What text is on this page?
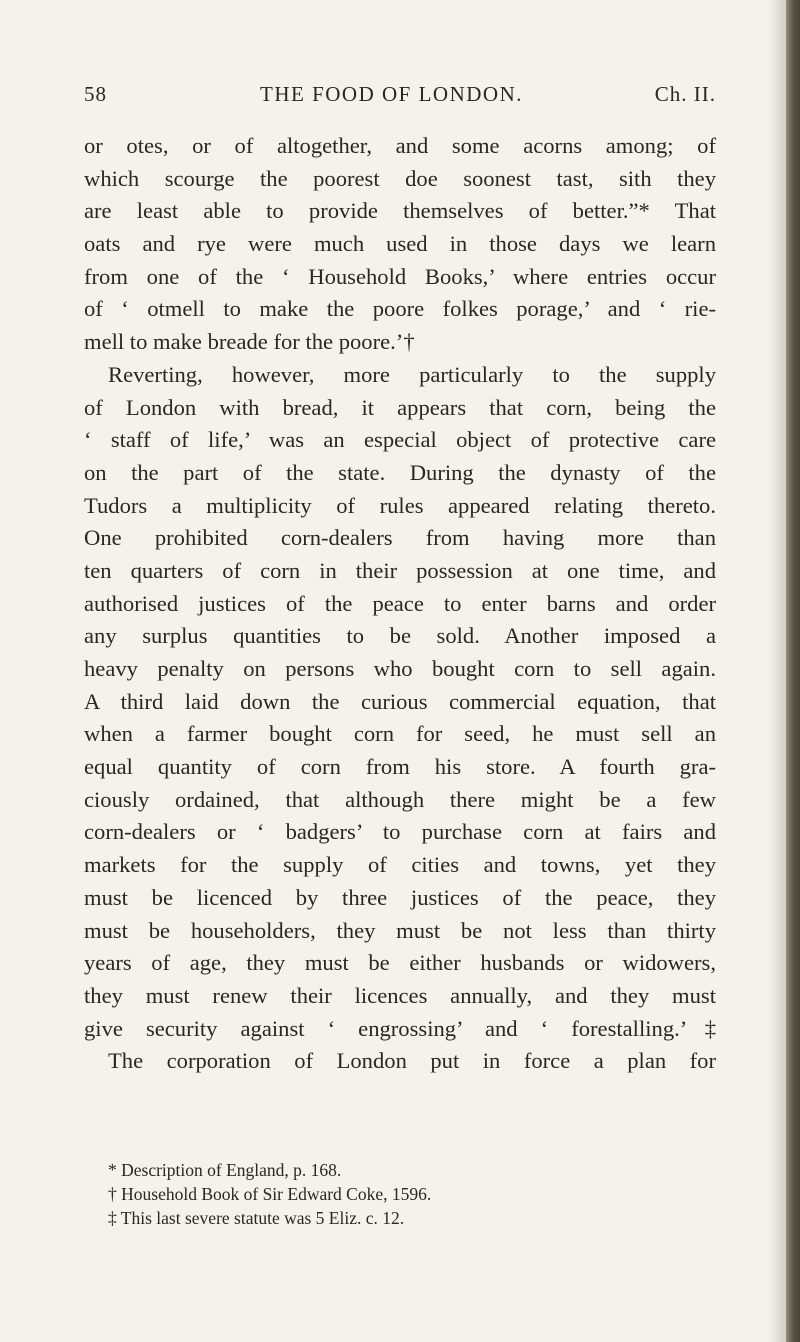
58	THE FOOD OF LONDON.	Ch. II.
or otes, or of altogether, and some acorns among; of
which scourge the poorest doe soonest tast, sith they
are least able to provide themselves of better.”* That
oats and rye were much used in those days we learn
from one of the ‘ Household Books,’ where entries occur
of ‘ otmell to make the poore folkes porage,’ and ‘ rie-
mell to make breade for the poore.’†
Reverting, however, more particularly to the supply
of London with bread, it appears that corn, being the
‘ staff of life,’ was an especial object of protective care
on the part of the state. During the dynasty of the
Tudors a multiplicity of rules appeared relating thereto.
One prohibited corn-dealers from having more than
ten quarters of corn in their possession at one time, and
authorised justices of the peace to enter barns and order
any surplus quantities to be sold. Another imposed a
heavy penalty on persons who bought corn to sell again.
A third laid down the curious commercial equation, that
when a farmer bought corn for seed, he must sell an
equal quantity of corn from his store. A fourth gra-
ciously ordained, that although there might be a few
corn-dealers or ‘ badgers’ to purchase corn at fairs and
markets for the supply of cities and towns, yet they
must be licenced by three justices of the peace, they
must be householders, they must be not less than thirty
years of age, they must be either husbands or widowers,
they must renew their licences annually, and they must
give security against ‘ engrossing’ and ‘ forestalling.’‡
The corporation of London put in force a plan for
* Description of England, p. 168.
† Household Book of Sir Edward Coke, 1596.
‡ This last severe statute was 5 Eliz. c. 12.
